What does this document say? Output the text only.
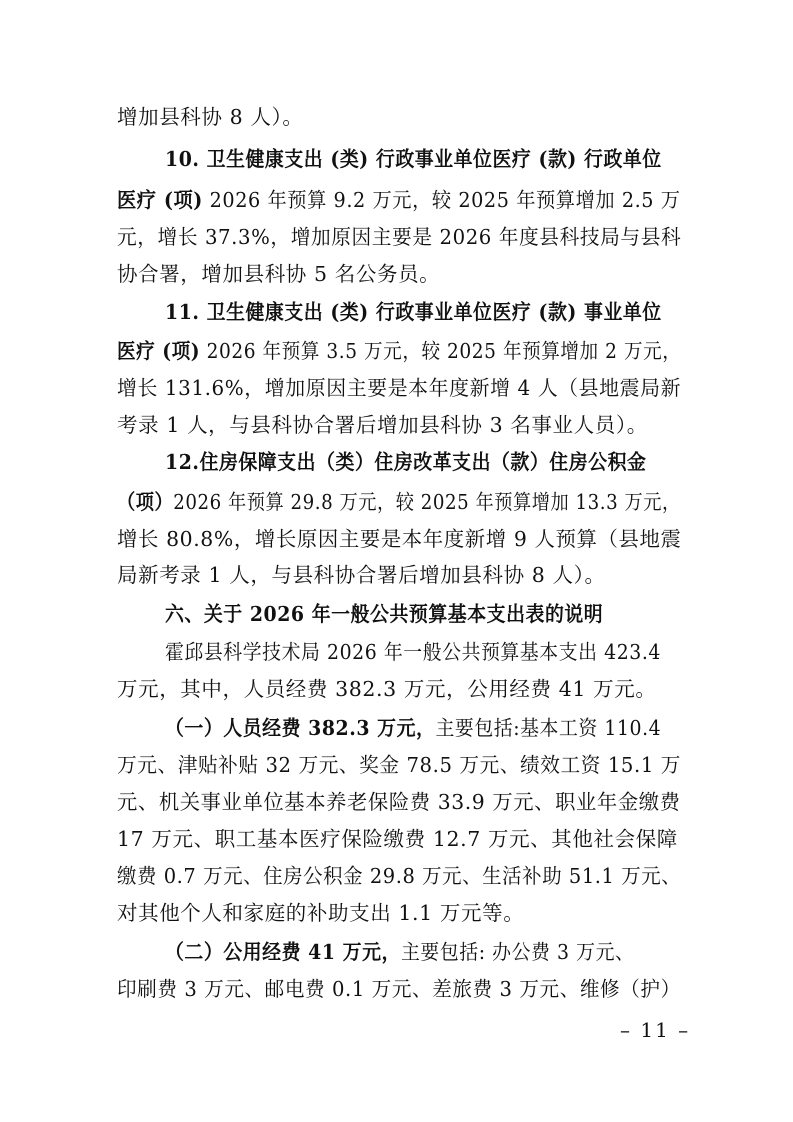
增加县科协 8 人）。
10. 卫生健康支出 (类) 行政事业单位医疗 (款) 行政单位
医疗 (项) 2026 年预算 9.2 万元，较 2025 年预算增加 2.5 万
元，增长 37.3%，增加原因主要是 2026 年度县科技局与县科
协合署，增加县科协 5 名公务员。
11. 卫生健康支出 (类) 行政事业单位医疗 (款) 事业单位
医疗 (项) 2026 年预算 3.5 万元，较 2025 年预算增加 2 万元，
增长 131.6%，增加原因主要是本年度新增 4 人（县地震局新
考录 1 人，与县科协合署后增加县科协 3 名事业人员）。
12.住房保障支出（类）住房改革支出（款）住房公积金
（项）2026 年预算 29.8 万元，较 2025 年预算增加 13.3 万元，
增长 80.8%，增长原因主要是本年度新增 9 人预算（县地震
局新考录 1 人，与县科协合署后增加县科协 8 人）。
六、关于 2026 年一般公共预算基本支出表的说明
霍邱县科学技术局 2026 年一般公共预算基本支出 423.4
万元，其中，人员经费 382.3 万元，公用经费 41 万元。
（一）人员经费 382.3 万元，主要包括:基本工资 110.4
万元、津贴补贴 32 万元、奖金 78.5 万元、绩效工资 15.1 万
元、机关事业单位基本养老保险费 33.9 万元、职业年金缴费
17 万元、职工基本医疗保险缴费 12.7 万元、其他社会保障
缴费 0.7 万元、住房公积金 29.8 万元、生活补助 51.1 万元、
对其他个人和家庭的补助支出 1.1 万元等。
（二）公用经费 41 万元，主要包括: 办公费 3 万元、
印刷费 3 万元、邮电费 0.1 万元、差旅费 3 万元、维修（护）
– 11 –
